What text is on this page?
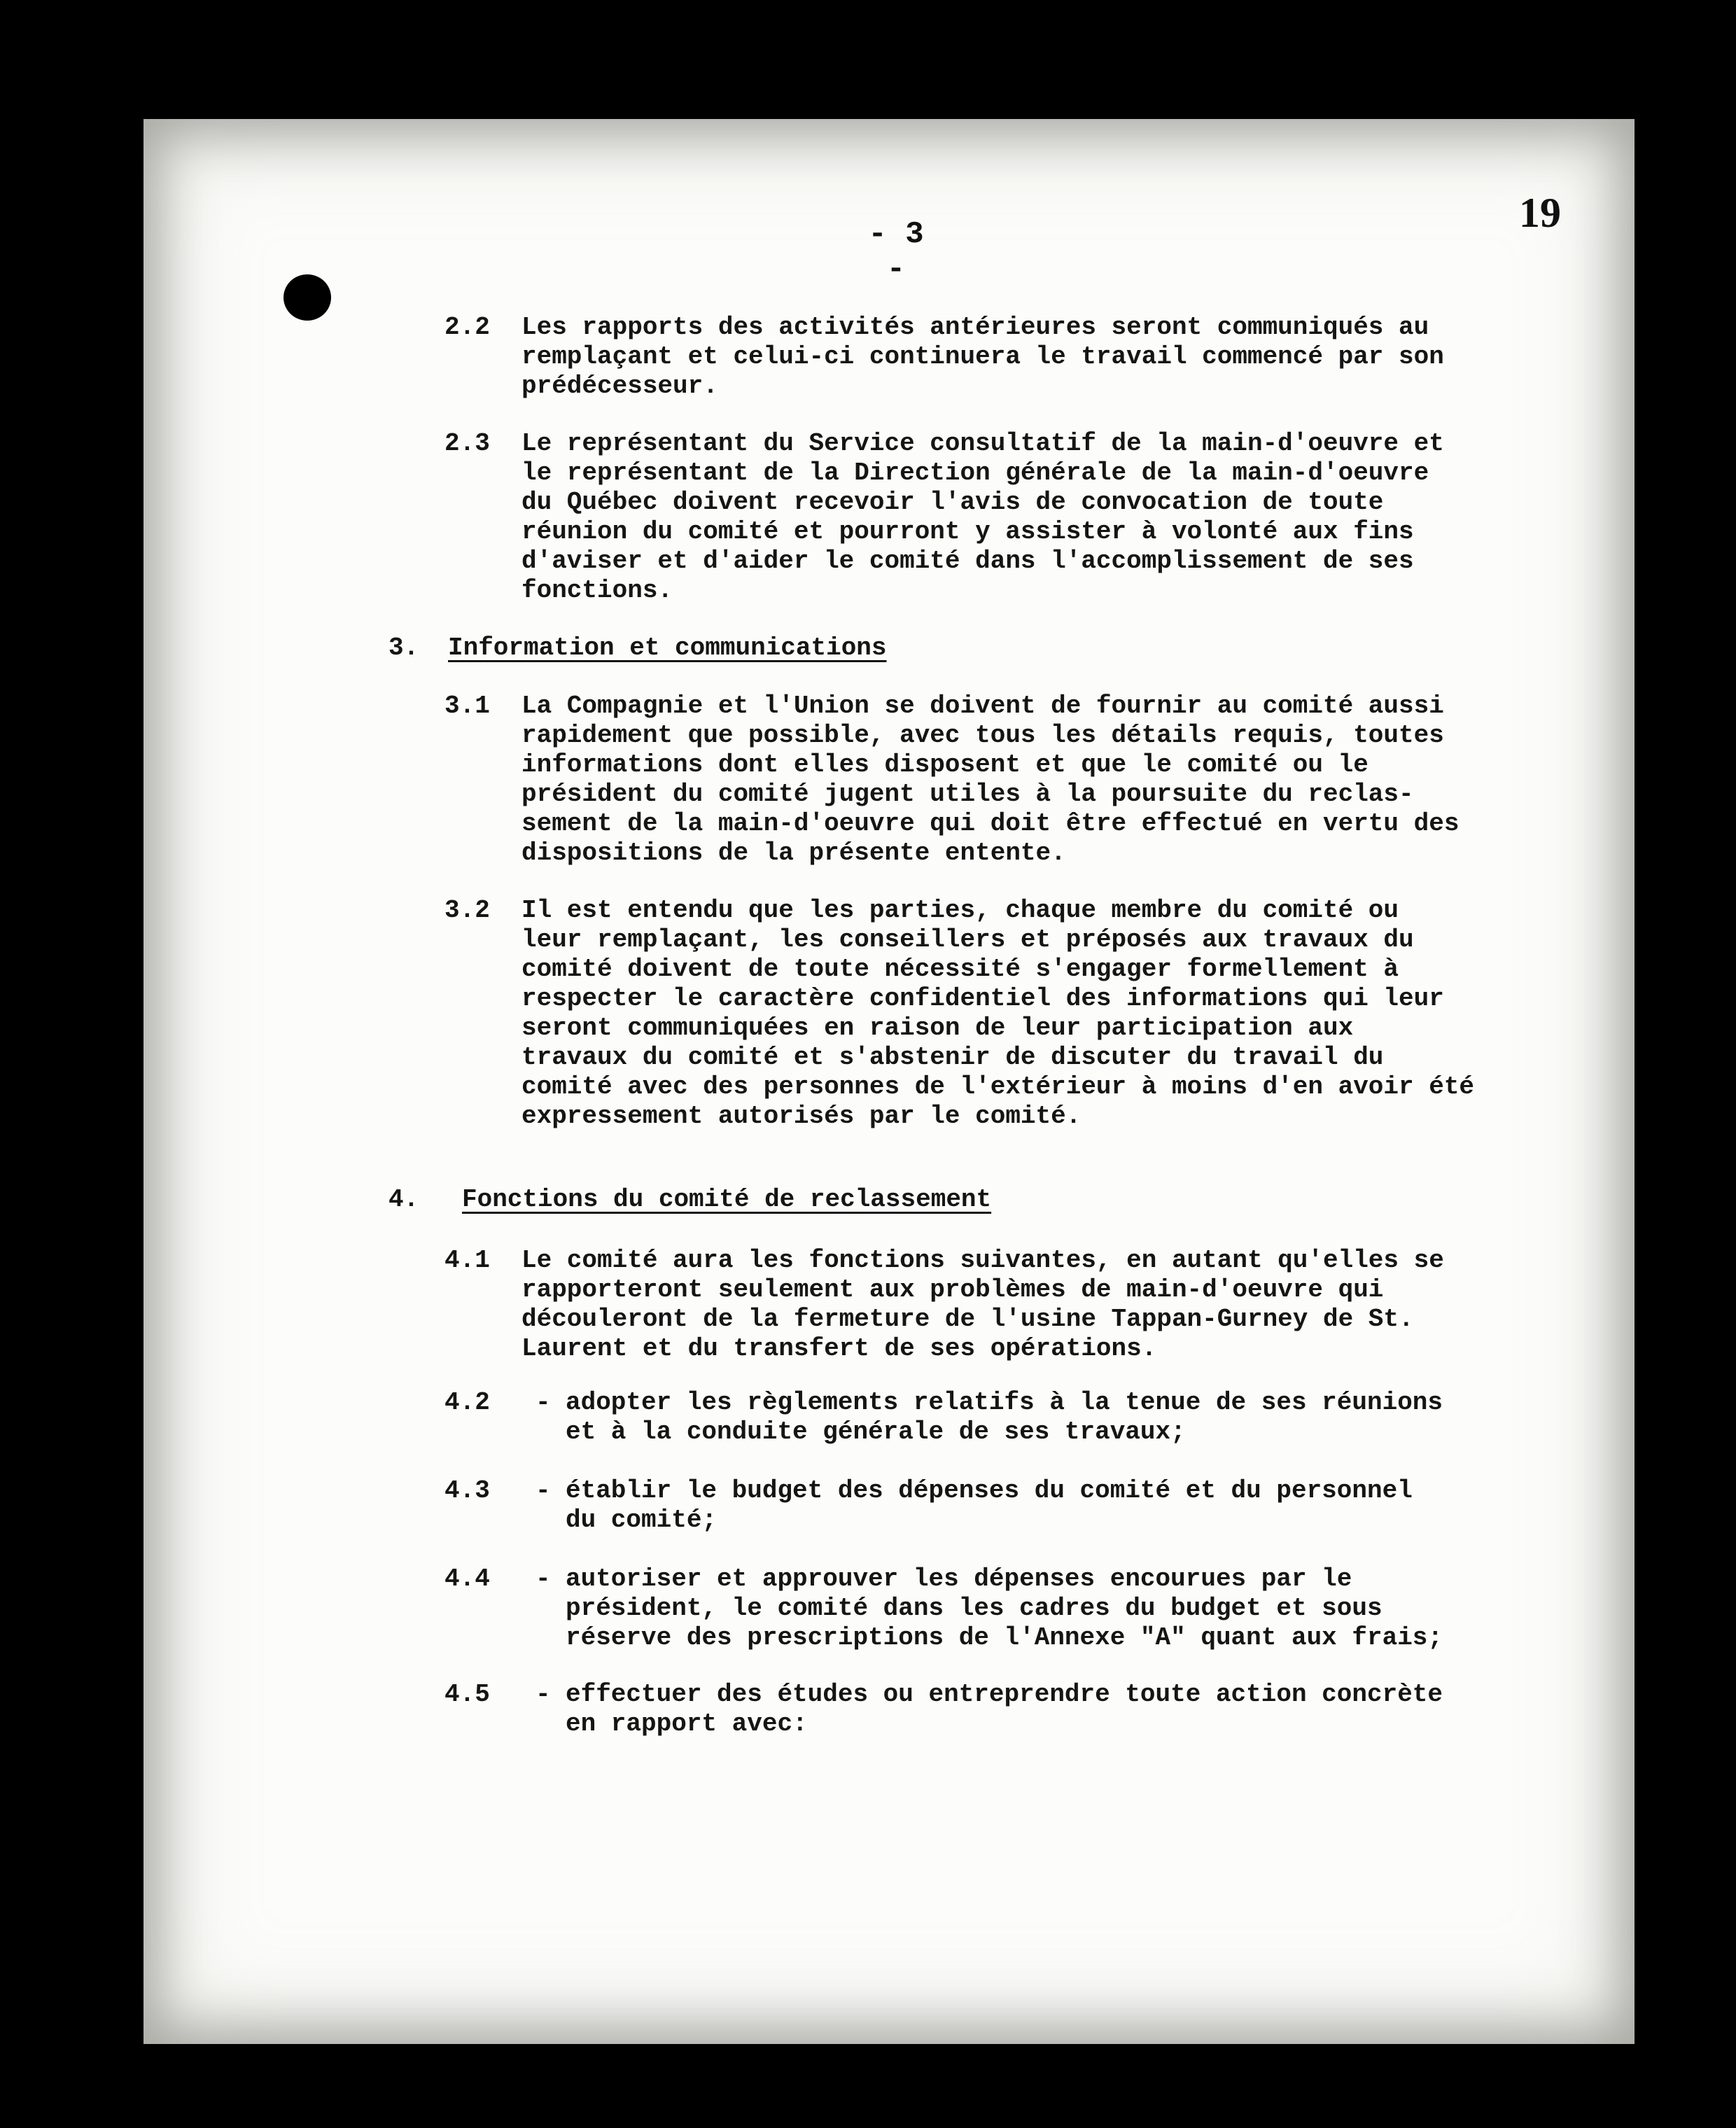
- 3 -
19
2.2 Les rapports des activités antérieures seront communiqués au
remplaçant et celui-ci continuera le travail commencé par son
prédécesseur.
2.3 Le représentant du Service consultatif de la main-d'oeuvre et
le représentant de la Direction générale de la main-d'oeuvre
du Québec doivent recevoir l'avis de convocation de toute
réunion du comité et pourront y assister à volonté aux fins
d'aviser et d'aider le comité dans l'accomplissement de ses
fonctions.
3. Information et communications
3.1 La Compagnie et l'Union se doivent de fournir au comité aussi
rapidement que possible, avec tous les détails requis, toutes
informations dont elles disposent et que le comité ou le
président du comité jugent utiles à la poursuite du reclas-
sement de la main-d'oeuvre qui doit être effectué en vertu des
dispositions de la présente entente.
3.2 Il est entendu que les parties, chaque membre du comité ou
leur remplaçant, les conseillers et préposés aux travaux du
comité doivent de toute nécessité s'engager formellement à
respecter le caractère confidentiel des informations qui leur
seront communiquées en raison de leur participation aux
travaux du comité et s'abstenir de discuter du travail du
comité avec des personnes de l'extérieur à moins d'en avoir été
expressement autorisés par le comité.
4. Fonctions du comité de reclassement
4.1 Le comité aura les fonctions suivantes, en autant qu'elles se
rapporteront seulement aux problèmes de main-d'oeuvre qui
découleront de la fermeture de l'usine Tappan-Gurney de St.
Laurent et du transfert de ses opérations.
4.2 - adopter les règlements relatifs à la tenue de ses réunions
et à la conduite générale de ses travaux;
4.3 - établir le budget des dépenses du comité et du personnel
du comité;
4.4 - autoriser et approuver les dépenses encourues par le
président, le comité dans les cadres du budget et sous
réserve des prescriptions de l'Annexe "A" quant aux frais;
4.5 - effectuer des études ou entreprendre toute action concrète
en rapport avec:
